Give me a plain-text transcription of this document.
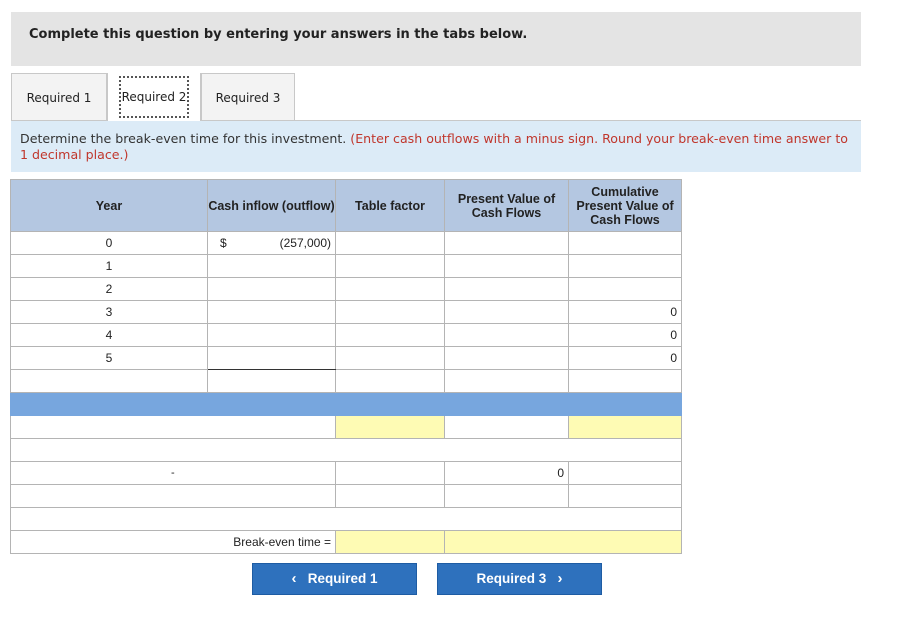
Complete this question by entering your answers in the tabs below.
Required 1	Required 2	Required 3
Determine the break-even time for this investment. (Enter cash outflows with a minus sign. Round your break-even time answer to 1 decimal place.)
Year	Cash inflow (outflow)	Table factor	Present Value of Cash Flows	Cumulative Present Value of Cash Flows
0	$ (257,000)			

1				
2				
3				0
4				0
5				0

-			0	

Break-even time =				
‹ Required 1	Required 3 ›
